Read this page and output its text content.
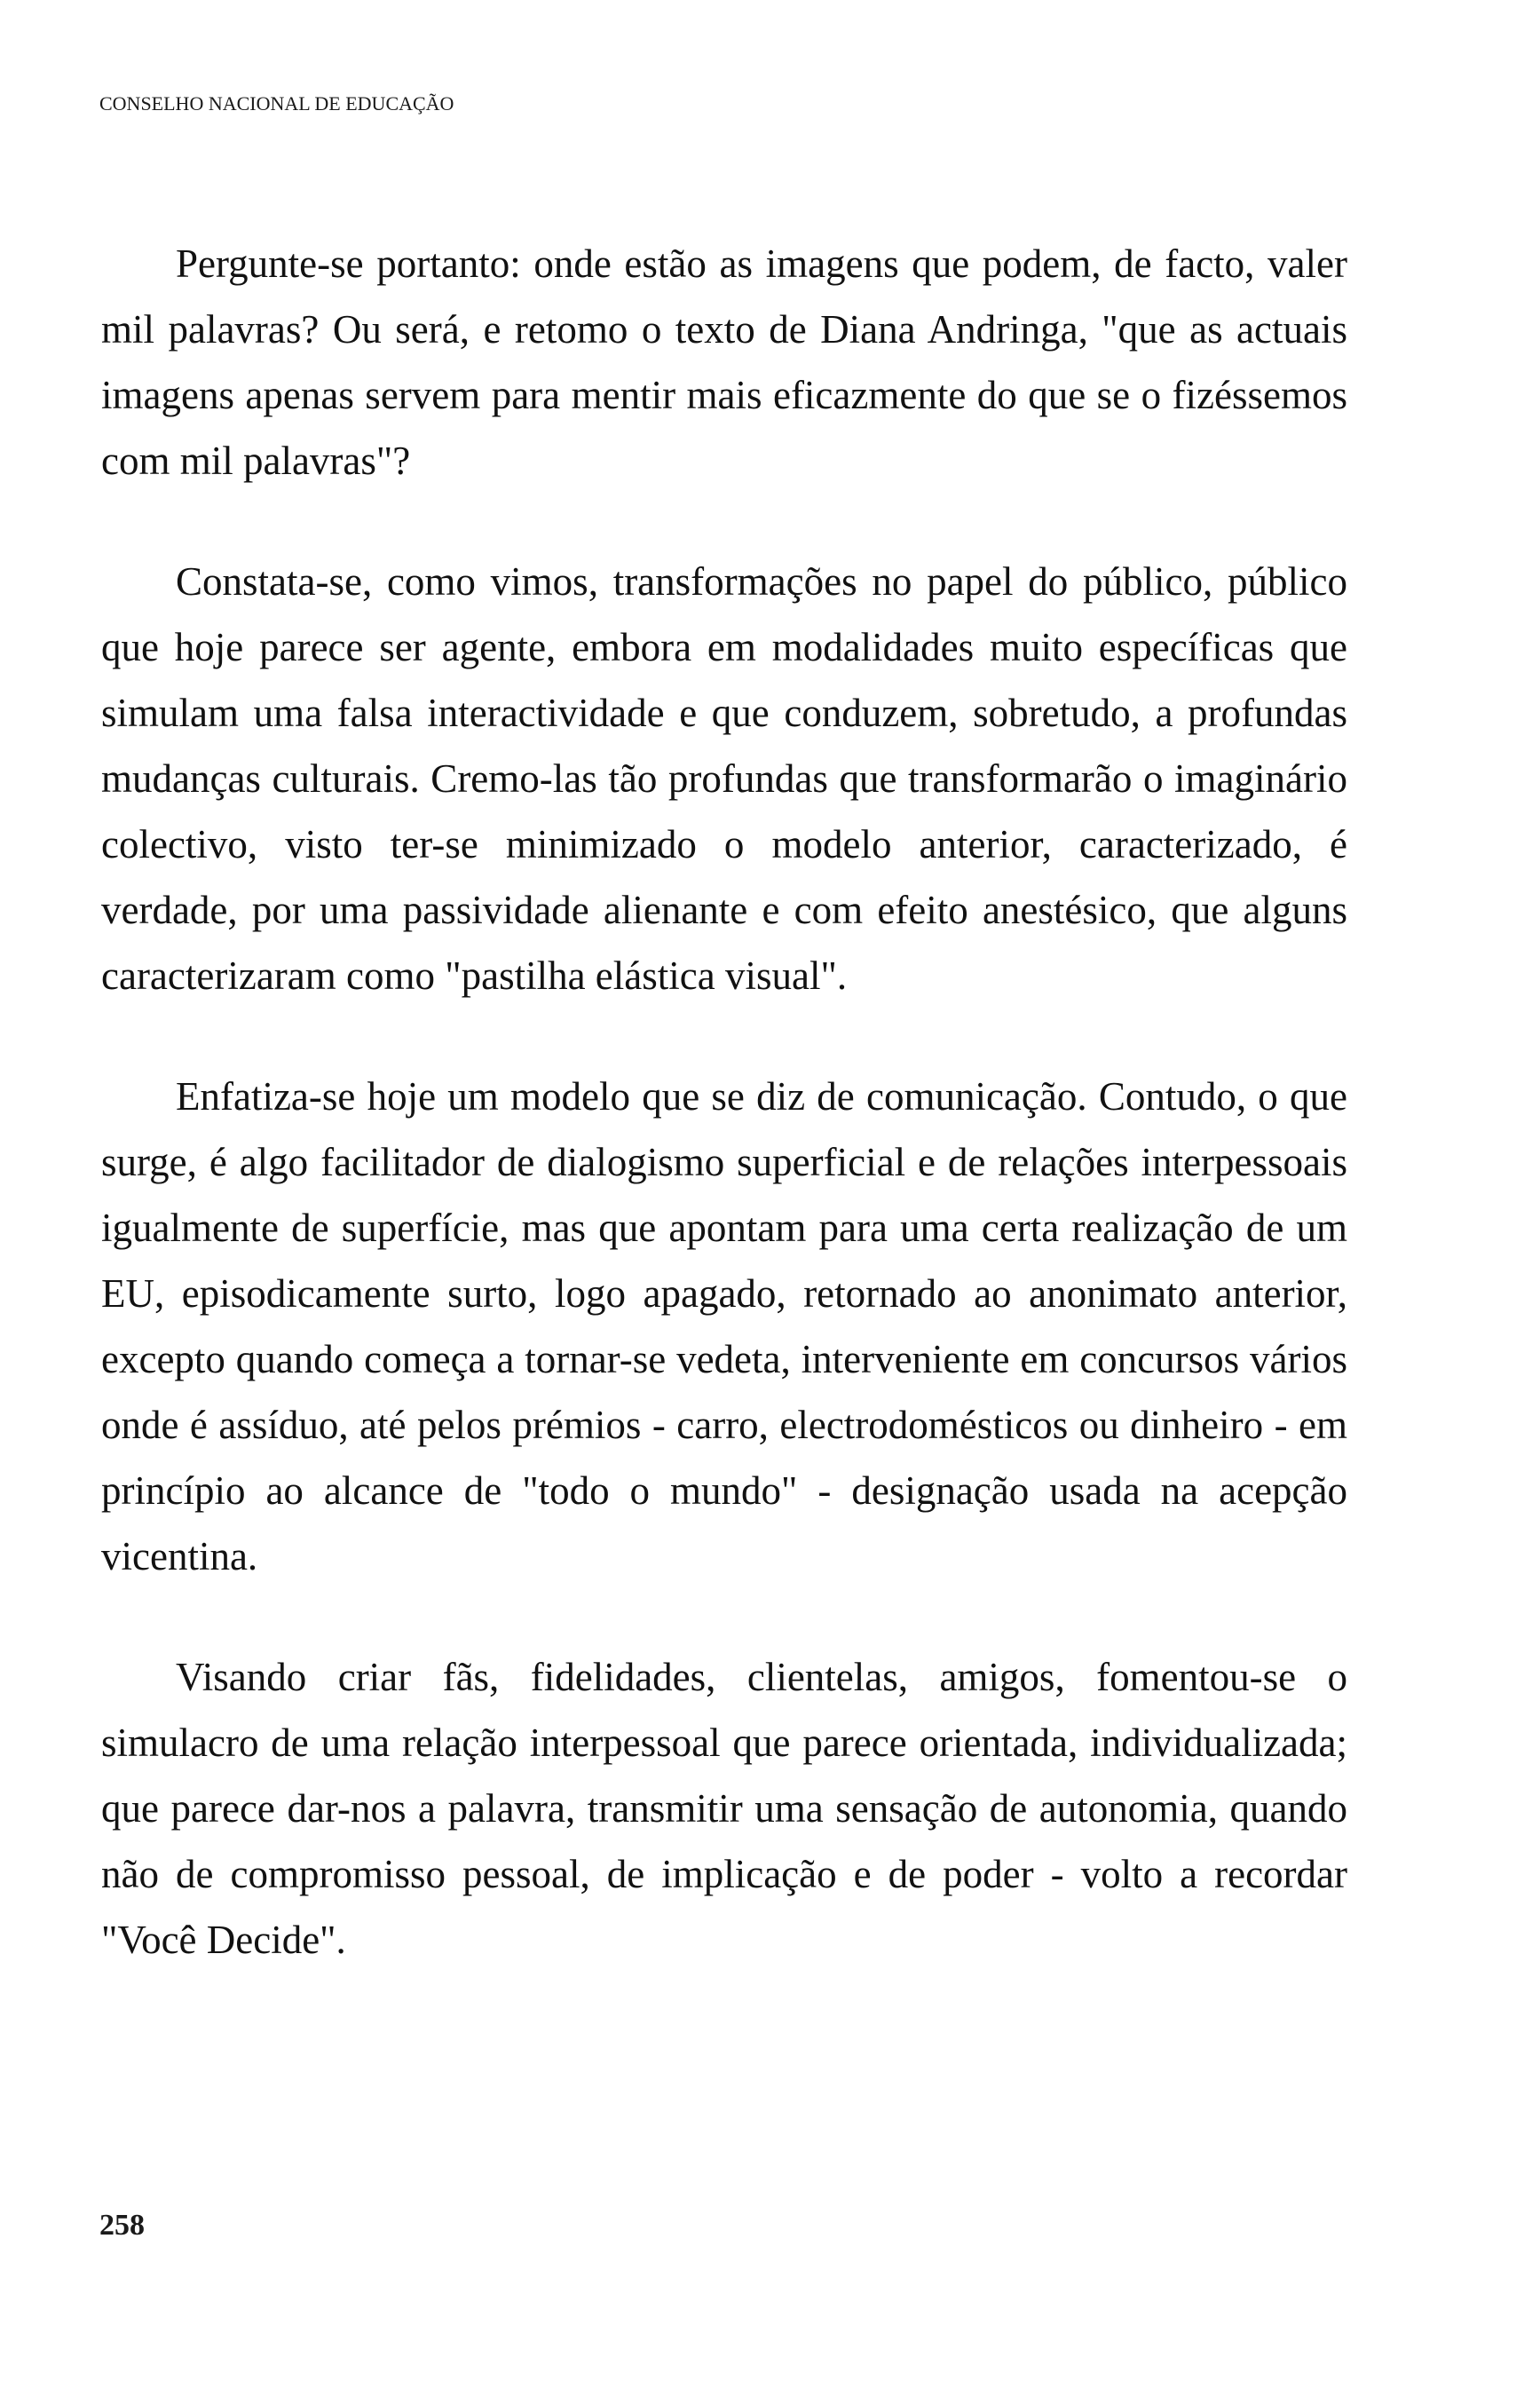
CONSELHO NACIONAL DE EDUCAÇÃO

Pergunte-se portanto: onde estão as imagens que podem, de facto, valer mil palavras? Ou será, e retomo o texto de Diana Andringa, "que as actuais imagens apenas servem para mentir mais eficazmente do que se o fizéssemos com mil palavras"?

Constata-se, como vimos, transformações no papel do público, público que hoje parece ser agente, embora em modalidades muito específicas que simulam uma falsa interactividade e que conduzem, sobretudo, a profundas mudanças culturais. Cremo-las tão profundas que transformarão o imaginário colectivo, visto ter-se minimizado o modelo anterior, caracterizado, é verdade, por uma passividade alienante e com efeito anestésico, que alguns caracterizaram como "pastilha elástica visual".

Enfatiza-se hoje um modelo que se diz de comunicação. Contudo, o que surge, é algo facilitador de dialogismo superficial e de relações interpessoais igualmente de superfície, mas que apontam para uma certa realização de um EU, episodicamente surto, logo apagado, retornado ao anonimato anterior, excepto quando começa a tornar-se vedeta, interveniente em concursos vários onde é assíduo, até pelos prémios - carro, electrodomésticos ou dinheiro - em princípio ao alcance de "todo o mundo" - designação usada na acepção vicentina.

Visando criar fãs, fidelidades, clientelas, amigos, fomentou-se o simulacro de uma relação interpessoal que parece orientada, individualizada; que parece dar-nos a palavra, transmitir uma sensação de autonomia, quando não de compromisso pessoal, de implicação e de poder - volto a recordar "Você Decide".

258
